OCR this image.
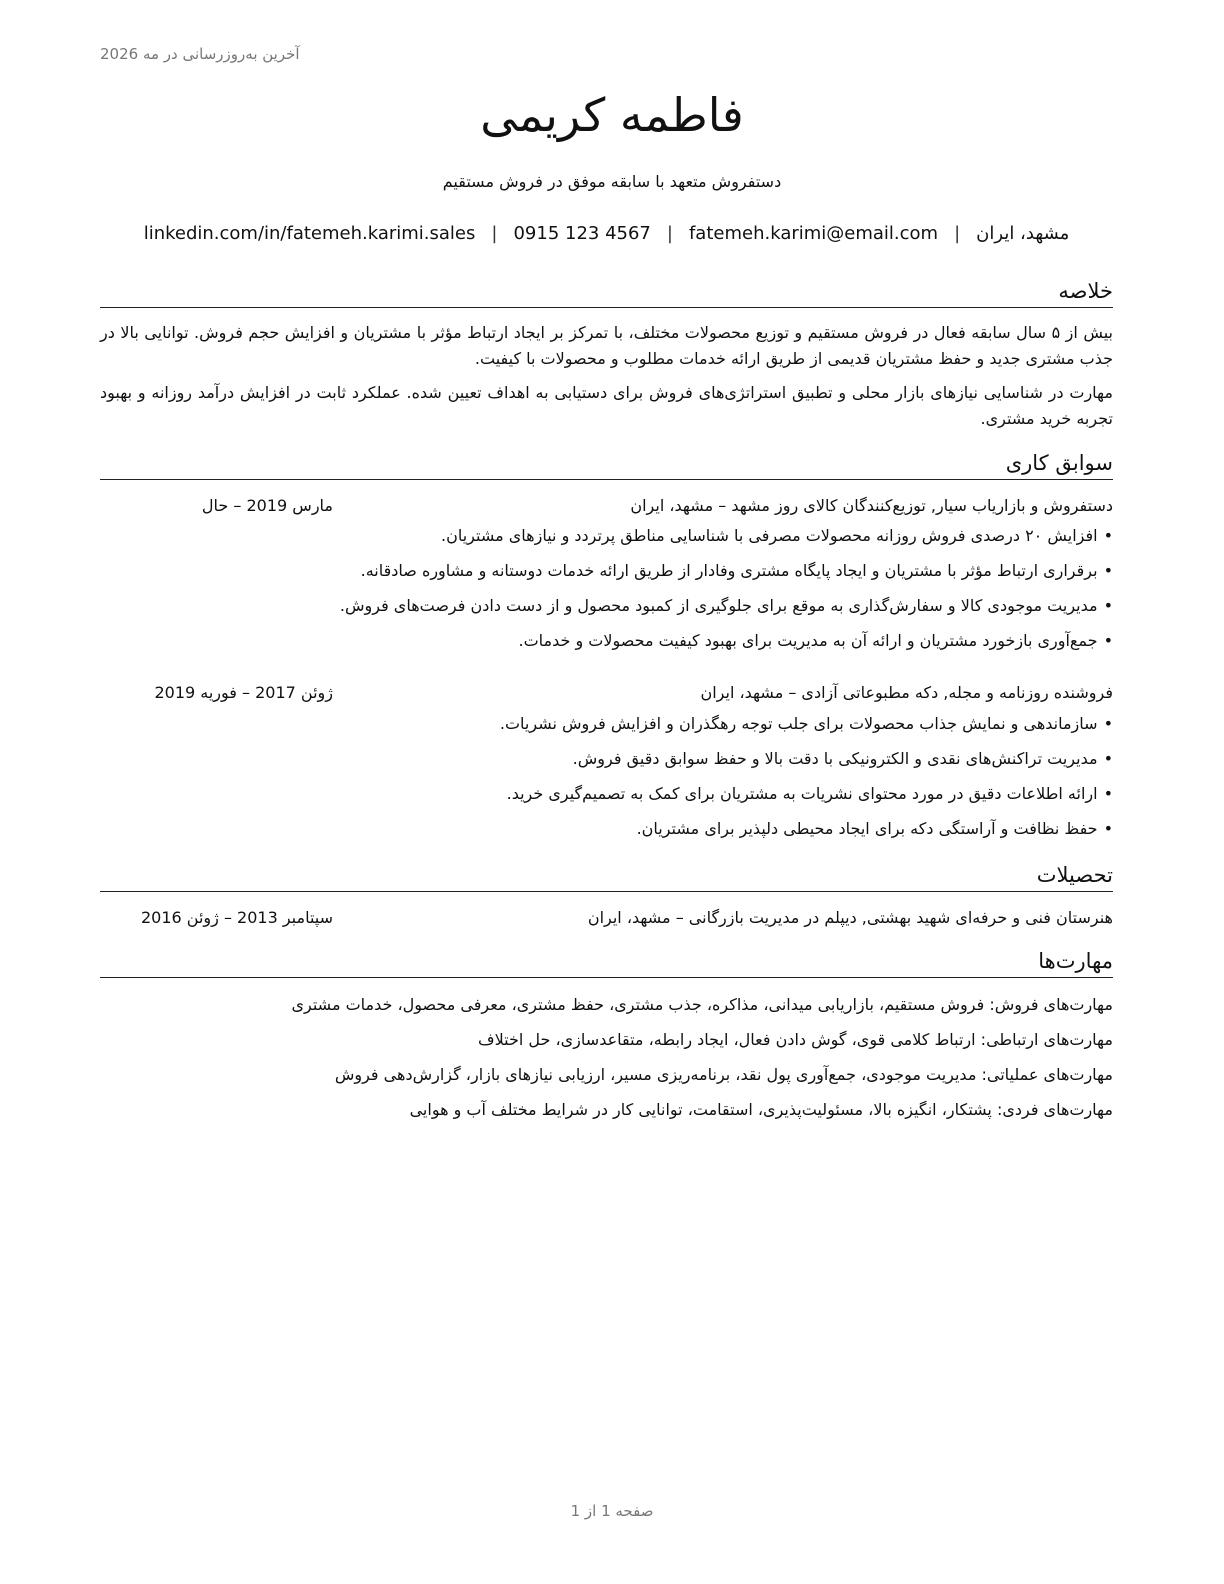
آخرین به‌روزرسانی در مه 2026
فاطمه کریمی
دستفروش متعهد با سابقه موفق در فروش مستقیم
مشهد، ایران
|
fatemeh.karimi@email.com
|
0915 123 4567
|
linkedin.com/in/fatemeh.karimi.sales
خلاصه
بیش از ۵ سال سابقه فعال در فروش مستقیم و توزیع محصولات مختلف، با تمرکز بر ایجاد ارتباط مؤثر با مشتریان و افزایش حجم فروش. توانایی بالا در جذب مشتری جدید و حفظ مشتریان قدیمی از طریق ارائه خدمات مطلوب و محصولات با کیفیت.
مهارت در شناسایی نیازهای بازار محلی و تطبیق استراتژی‌های فروش برای دستیابی به اهداف تعیین شده. عملکرد ثابت در افزایش درآمد روزانه و بهبود تجربه خرید مشتری.
سوابق کاری
دستفروش و بازاریاب سیار, توزیع‌کنندگان کالای روز مشهد – مشهد، ایران
مارس 2019 – حال
•افزایش ۲۰ درصدی فروش روزانه محصولات مصرفی با شناسایی مناطق پرتردد و نیازهای مشتریان.
•برقراری ارتباط مؤثر با مشتریان و ایجاد پایگاه مشتری وفادار از طریق ارائه خدمات دوستانه و مشاوره صادقانه.
•مدیریت موجودی کالا و سفارش‌گذاری به موقع برای جلوگیری از کمبود محصول و از دست دادن فرصت‌های فروش.
•جمع‌آوری بازخورد مشتریان و ارائه آن به مدیریت برای بهبود کیفیت محصولات و خدمات.
فروشنده روزنامه و مجله, دکه مطبوعاتی آزادی – مشهد، ایران
ژوئن 2017 – فوریه 2019
•سازماندهی و نمایش جذاب محصولات برای جلب توجه رهگذران و افزایش فروش نشریات.
•مدیریت تراکنش‌های نقدی و الکترونیکی با دقت بالا و حفظ سوابق دقیق فروش.
•ارائه اطلاعات دقیق در مورد محتوای نشریات به مشتریان برای کمک به تصمیم‌گیری خرید.
•حفظ نظافت و آراستگی دکه برای ایجاد محیطی دلپذیر برای مشتریان.
تحصیلات
هنرستان فنی و حرفه‌ای شهید بهشتی, دیپلم در مدیریت بازرگانی – مشهد، ایران
سپتامبر 2013 – ژوئن 2016
مهارت‌ها
مهارت‌های فروش: فروش مستقیم، بازاریابی میدانی، مذاکره، جذب مشتری، حفظ مشتری، معرفی محصول، خدمات مشتری
مهارت‌های ارتباطی: ارتباط کلامی قوی، گوش دادن فعال، ایجاد رابطه، متقاعدسازی، حل اختلاف
مهارت‌های عملیاتی: مدیریت موجودی، جمع‌آوری پول نقد، برنامه‌ریزی مسیر، ارزیابی نیازهای بازار، گزارش‌دهی فروش
مهارت‌های فردی: پشتکار، انگیزه بالا، مسئولیت‌پذیری، استقامت، توانایی کار در شرایط مختلف آب و هوایی
صفحه 1 از 1
